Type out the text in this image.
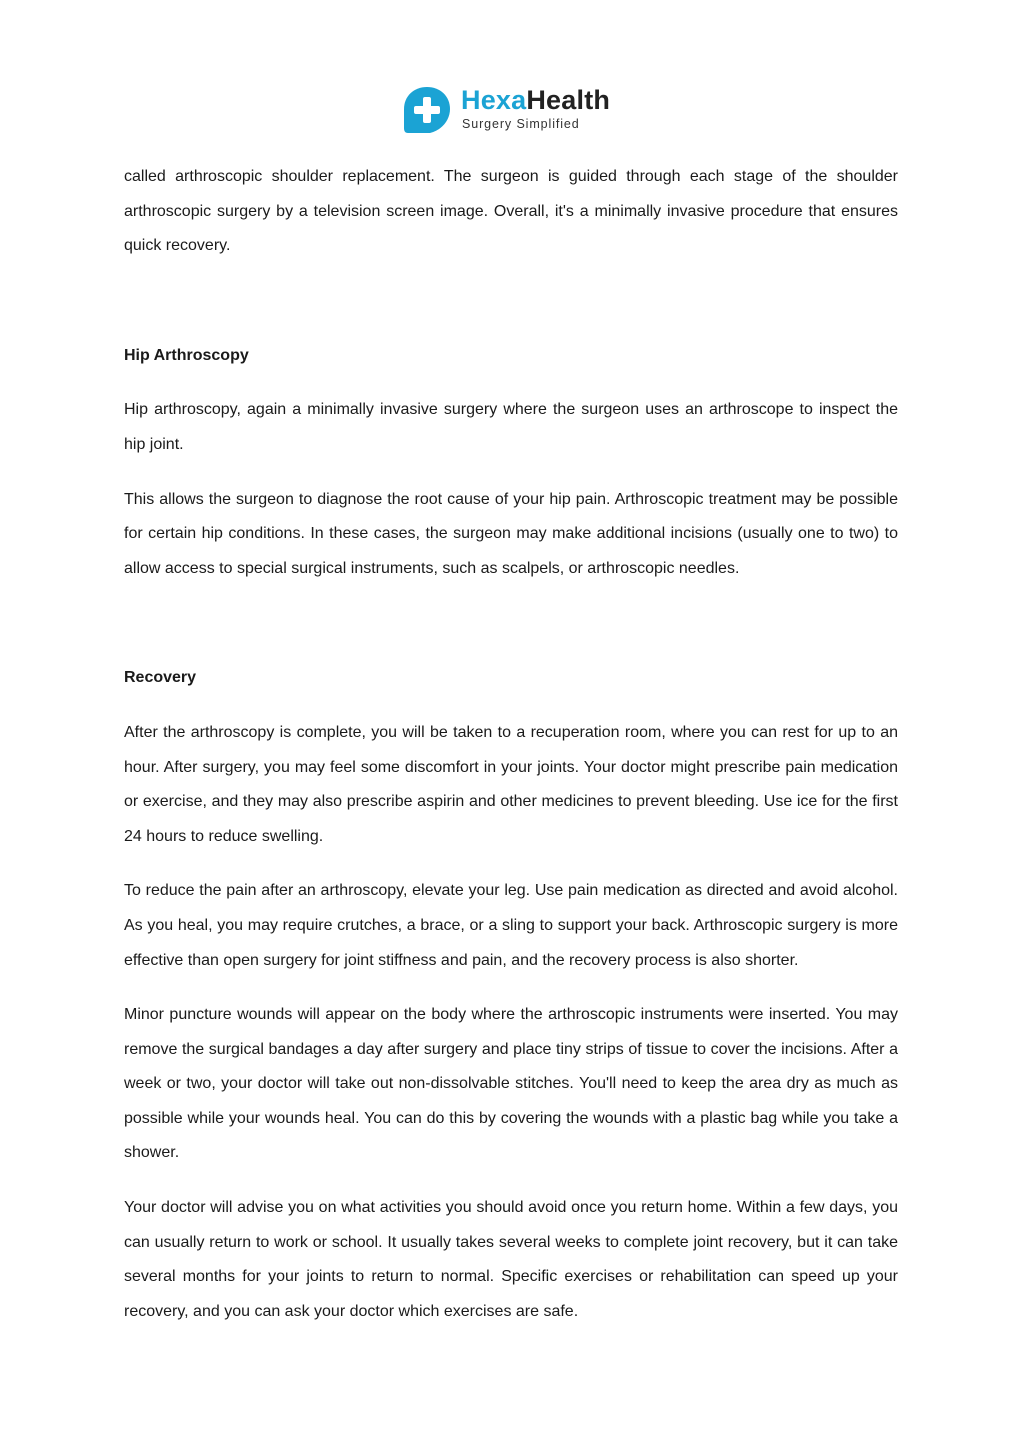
HexaHealth
Surgery Simplified

called arthroscopic shoulder replacement. The surgeon is guided through each stage of the shoulder arthroscopic surgery by a television screen image. Overall, it's a minimally invasive procedure that ensures quick recovery.

Hip Arthroscopy

Hip arthroscopy, again a minimally invasive surgery where the surgeon uses an arthroscope to inspect the hip joint.

This allows the surgeon to diagnose the root cause of your hip pain. Arthroscopic treatment may be possible for certain hip conditions. In these cases, the surgeon may make additional incisions (usually one to two) to allow access to special surgical instruments, such as scalpels, or arthroscopic needles.

Recovery

After the arthroscopy is complete, you will be taken to a recuperation room, where you can rest for up to an hour. After surgery, you may feel some discomfort in your joints. Your doctor might prescribe pain medication or exercise, and they may also prescribe aspirin and other medicines to prevent bleeding. Use ice for the first 24 hours to reduce swelling.

To reduce the pain after an arthroscopy, elevate your leg. Use pain medication as directed and avoid alcohol. As you heal, you may require crutches, a brace, or a sling to support your back. Arthroscopic surgery is more effective than open surgery for joint stiffness and pain, and the recovery process is also shorter.

Minor puncture wounds will appear on the body where the arthroscopic instruments were inserted. You may remove the surgical bandages a day after surgery and place tiny strips of tissue to cover the incisions. After a week or two, your doctor will take out non-dissolvable stitches. You'll need to keep the area dry as much as possible while your wounds heal. You can do this by covering the wounds with a plastic bag while you take a shower.

Your doctor will advise you on what activities you should avoid once you return home. Within a few days, you can usually return to work or school. It usually takes several weeks to complete joint recovery, but it can take several months for your joints to return to normal. Specific exercises or rehabilitation can speed up your recovery, and you can ask your doctor which exercises are safe.
